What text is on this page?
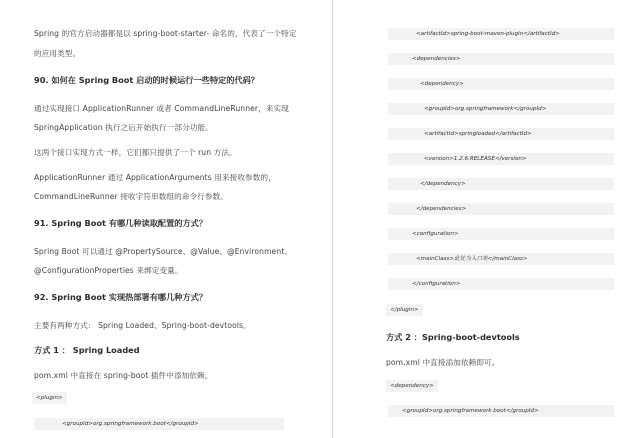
Spring 的官方启动器都是以 spring-boot-starter- 命名的，代表了一个特定
的应用类型。
90. 如何在 Spring Boot 启动的时候运行一些特定的代码？
通过实现接口 ApplicationRunner 或者 CommandLineRunner，来实现
SpringApplication 执行之后开始执行一部分功能。
这两个接口实现方式一样，它们都只提供了一个 run 方法。
ApplicationRunner 通过 ApplicationArguments 用来接收参数的，
CommandLineRunner 接收字符串数组的命令行参数。
91. Spring Boot 有哪几种读取配置的方式？
Spring Boot 可以通过 @PropertySource、@Value、@Environment、
@ConfigurationProperties 来绑定变量。
92. Spring Boot 实现热部署有哪几种方式？
主要有两种方式： Spring Loaded、Spring-boot-devtools。
方式 1 ： Spring Loaded
pom.xml 中直接在 spring-boot 插件中添加依赖。
<plugin>
<groupId>org.springframework.boot</groupId>
<artifactId>spring-boot-maven-plugin</artifactId>
<dependencies>
<dependency>
<groupId>org.springframework</groupId>
<artifactId>springloaded</artifactId>
<version>1.2.6.RELEASE</version>
</dependency>
</dependencies>
<configuration>
<mainClass>此处为入口类</mainClass>
</configuration>
</plugin>
方式 2 ：Spring-boot-devtools
pom.xml 中直接添加依赖即可。
<dependency>
<groupId>org.springframework.boot</groupId>
